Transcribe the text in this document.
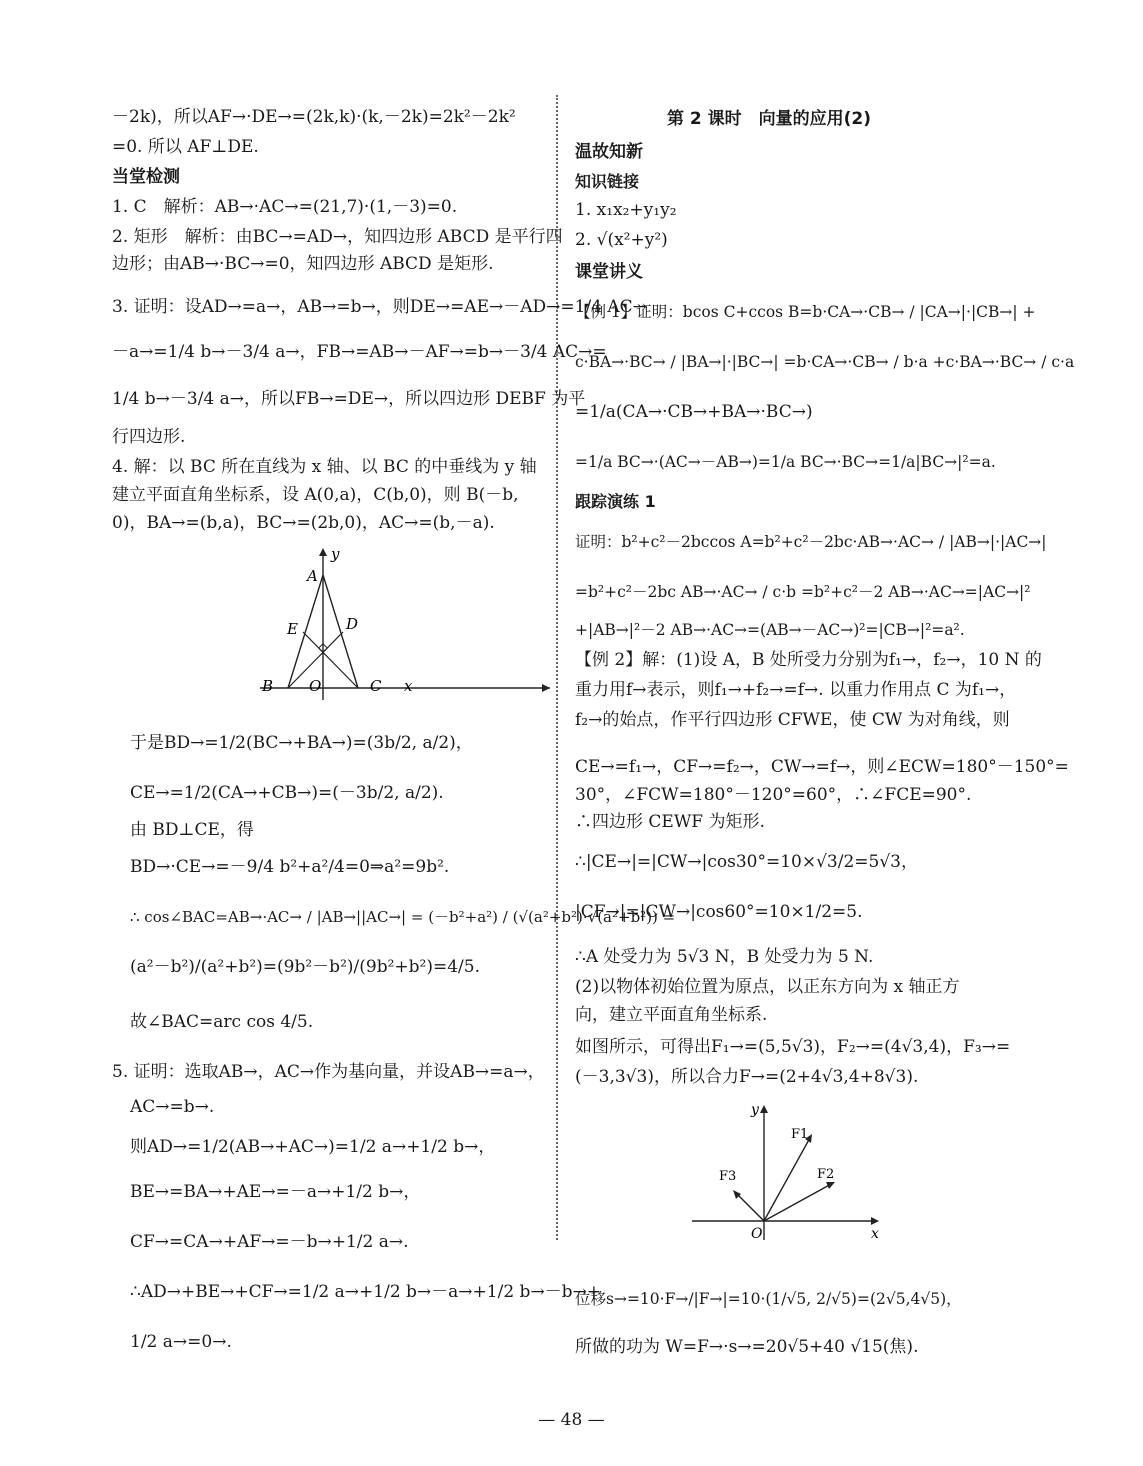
－2k)，所以AF→·DE→=(2k,k)·(k,－2k)=2k²－2k²
=0. 所以 AF⊥DE.
当堂检测
1. C　解析：AB→·AC→=(21,7)·(1,－3)=0.
2. 矩形　解析：由BC→=AD→，知四边形 ABCD 是平行四
边形；由AB→·BC→=0，知四边形 ABCD 是矩形.
3. 证明：设AD→=a→，AB→=b→，则DE→=AE→－AD→=1/4 AC→
－a→=1/4 b→－3/4 a→，FB→=AB→－AF→=b→－3/4 AC→=
1/4 b→－3/4 a→，所以FB→=DE→，所以四边形 DEBF 为平
行四边形.
4. 解：以 BC 所在直线为 x 轴、以 BC 的中垂线为 y 轴
建立平面直角坐标系，设 A(0,a)，C(b,0)，则 B(－b,
0)，BA→=(b,a)，BC→=(2b,0)，AC→=(b,－a).
y
A
E	D
B O	C x
于是BD→=1/2(BC→+BA→)=(3b/2, a/2)，
CE→=1/2(CA→+CB→)=(－3b/2, a/2).
由 BD⊥CE，得
BD→·CE→=－9/4 b²+a²/4=0⇒a²=9b².
∴ cos∠BAC=AB→·AC→ / |AB→||AC→| = (－b²+a²) / (√(a²+b²)·√(a²+b²)) =
(a²－b²)/(a²+b²)=(9b²－b²)/(9b²+b²)=4/5.
故∠BAC=arc cos 4/5.
5. 证明：选取AB→，AC→作为基向量，并设AB→=a→，
AC→=b→.
则AD→=1/2(AB→+AC→)=1/2 a→+1/2 b→，
BE→=BA→+AE→=－a→+1/2 b→，
CF→=CA→+AF→=－b→+1/2 a→.
∴AD→+BE→+CF→=1/2 a→+1/2 b→－a→+1/2 b→－b→+
1/2 a→=0→.
第 2 课时　向量的应用(2)
温故知新
知识链接
1. x₁x₂+y₁y₂
2. √(x²+y²)
课堂讲义
【例 1】证明：bcos C+ccos B=b·CA→·CB→ / |CA→|·|CB→| +
c·BA→·BC→ / |BA→|·|BC→| =b·CA→·CB→ / b·a +c·BA→·BC→ / c·a
=1/a(CA→·CB→+BA→·BC→)
=1/a BC→·(AC→－AB→)=1/a BC→·BC→=1/a|BC→|²=a.
跟踪演练 1
证明：b²+c²－2bccos A=b²+c²－2bc·AB→·AC→ / |AB→|·|AC→|
=b²+c²－2bc AB→·AC→ / c·b =b²+c²－2 AB→·AC→=|AC→|²
+|AB→|²－2 AB→·AC→=(AB→－AC→)²=|CB→|²=a².
【例 2】解：(1)设 A，B 处所受力分别为f₁→，f₂→，10 N 的
重力用f→表示，则f₁→+f₂→=f→. 以重力作用点 C 为f₁→，
f₂→的始点，作平行四边形 CFWE，使 CW 为对角线，则
CE→=f₁→，CF→=f₂→，CW→=f→，则∠ECW=180°－150°=
30°，∠FCW=180°－120°=60°，∴∠FCE=90°.
∴四边形 CEWF 为矩形.
∴|CE→|=|CW→|cos30°=10×√3/2=5√3，
|CF→|=|CW→|cos60°=10×1/2=5.
∴A 处受力为 5√3 N，B 处受力为 5 N.
(2)以物体初始位置为原点，以正东方向为 x 轴正方
向，建立平面直角坐标系.
如图所示，可得出F₁→=(5,5√3)，F₂→=(4√3,4)，F₃→=
(－3,3√3)，所以合力F→=(2+4√3,4+8√3).
y
F1
F2
F3
O	x
位移s→=10·F→/|F→|=10·(1/√5, 2/√5)=(2√5,4√5)，
所做的功为 W=F→·s→=20√5+40 √15(焦).
— 48 —
